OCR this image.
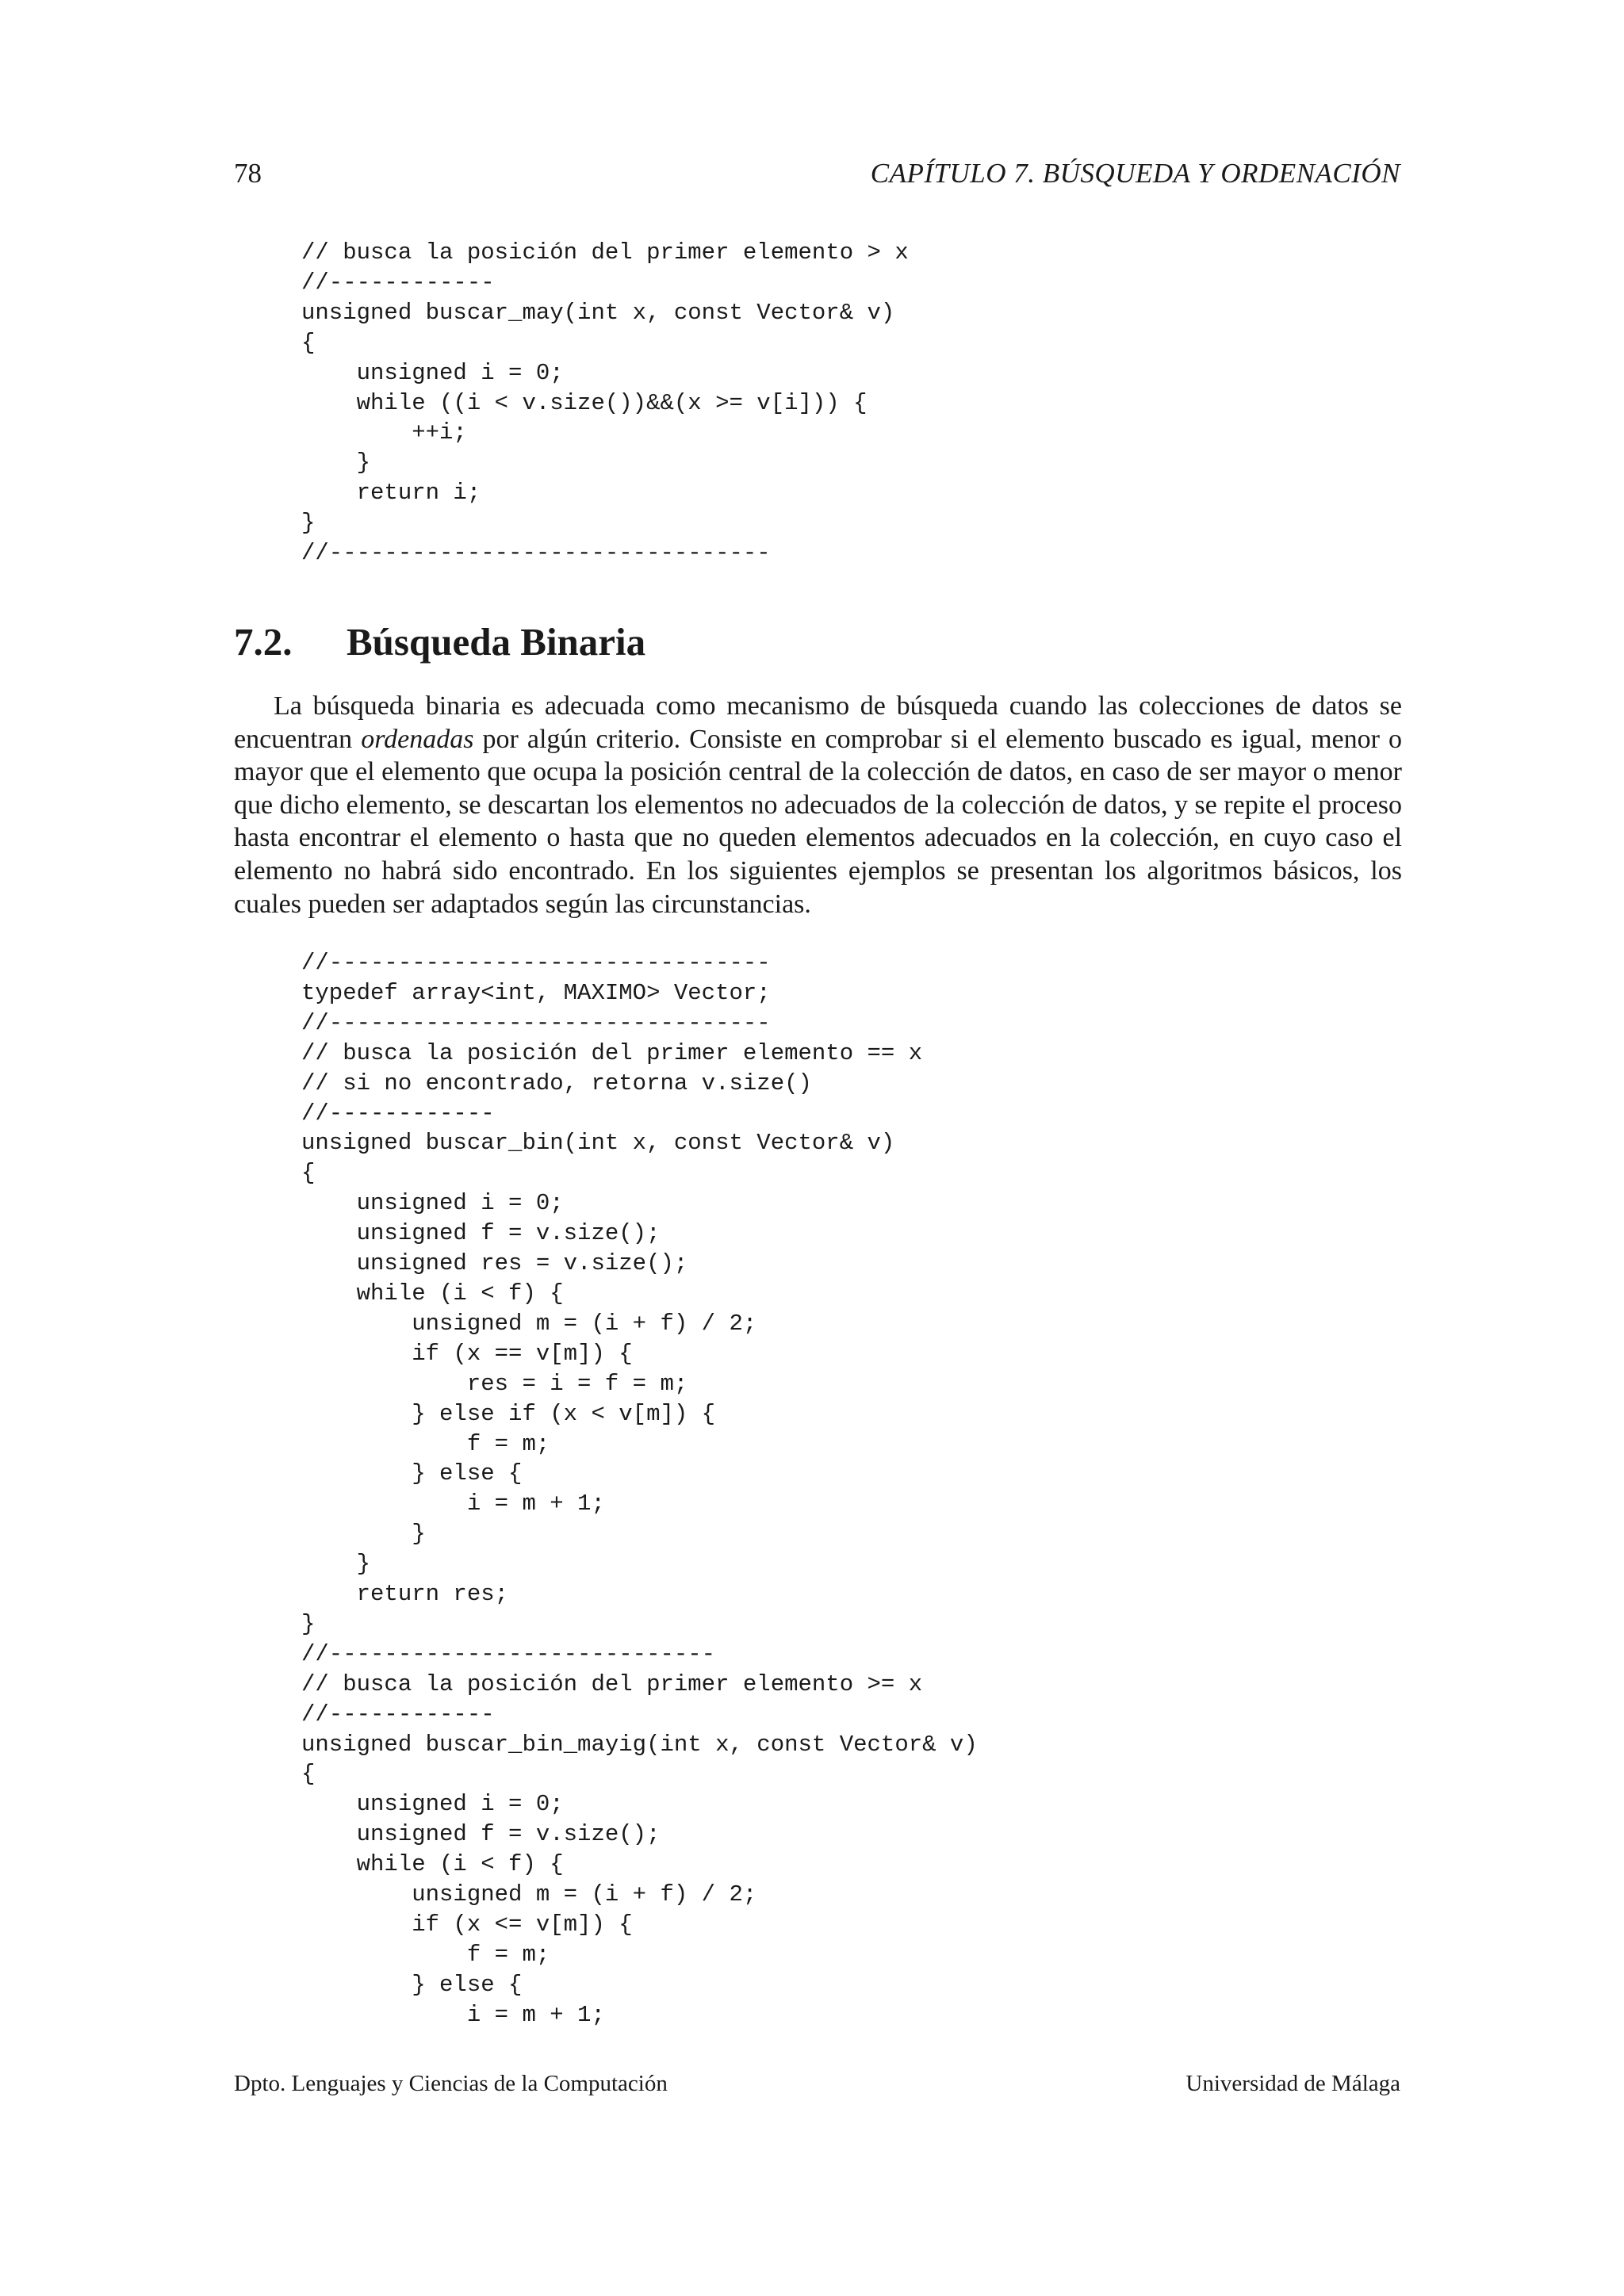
78	CAPÍTULO 7. BÚSQUEDA Y ORDENACIÓN
// busca la posición del primer elemento > x
//------------
unsigned buscar_may(int x, const Vector& v)
{
unsigned i = 0;
while ((i < v.size())&&(x >= v[i])) {
++i;
}
return i;
}
//--------------------------------
7.2. Búsqueda Binaria

La búsqueda binaria es adecuada como mecanismo de búsqueda cuando las colecciones de datos se encuentran ordenadas por algún criterio. Consiste en comprobar si el elemento buscado es igual, menor o mayor que el elemento que ocupa la posición central de la colección de datos, en caso de ser mayor o menor que dicho elemento, se descartan los elementos no adecuados de la colección de datos, y se repite el proceso hasta encontrar el elemento o hasta que no queden elementos adecuados en la colección, en cuyo caso el elemento no habrá sido encontrado. En los siguientes ejemplos se presentan los algoritmos básicos, los cuales pueden ser adaptados según las circunstancias.

//--------------------------------
typedef array<int, MAXIMO> Vector;
//--------------------------------
// busca la posición del primer elemento == x
// si no encontrado, retorna v.size()
//------------
unsigned buscar_bin(int x, const Vector& v)
{
unsigned i = 0;
unsigned f = v.size();
unsigned res = v.size();
while (i < f) {
unsigned m = (i + f) / 2;
if (x == v[m]) {
res = i = f = m;
} else if (x < v[m]) {
f = m;
} else {
i = m + 1;
}
}
return res;
}
//----------------------------
// busca la posición del primer elemento >= x
//------------
unsigned buscar_bin_mayig(int x, const Vector& v)
{
unsigned i = 0;
unsigned f = v.size();
while (i < f) {
unsigned m = (i + f) / 2;
if (x <= v[m]) {
f = m;
} else {
i = m + 1;
Dpto. Lenguajes y Ciencias de la Computación	Universidad de Málaga
